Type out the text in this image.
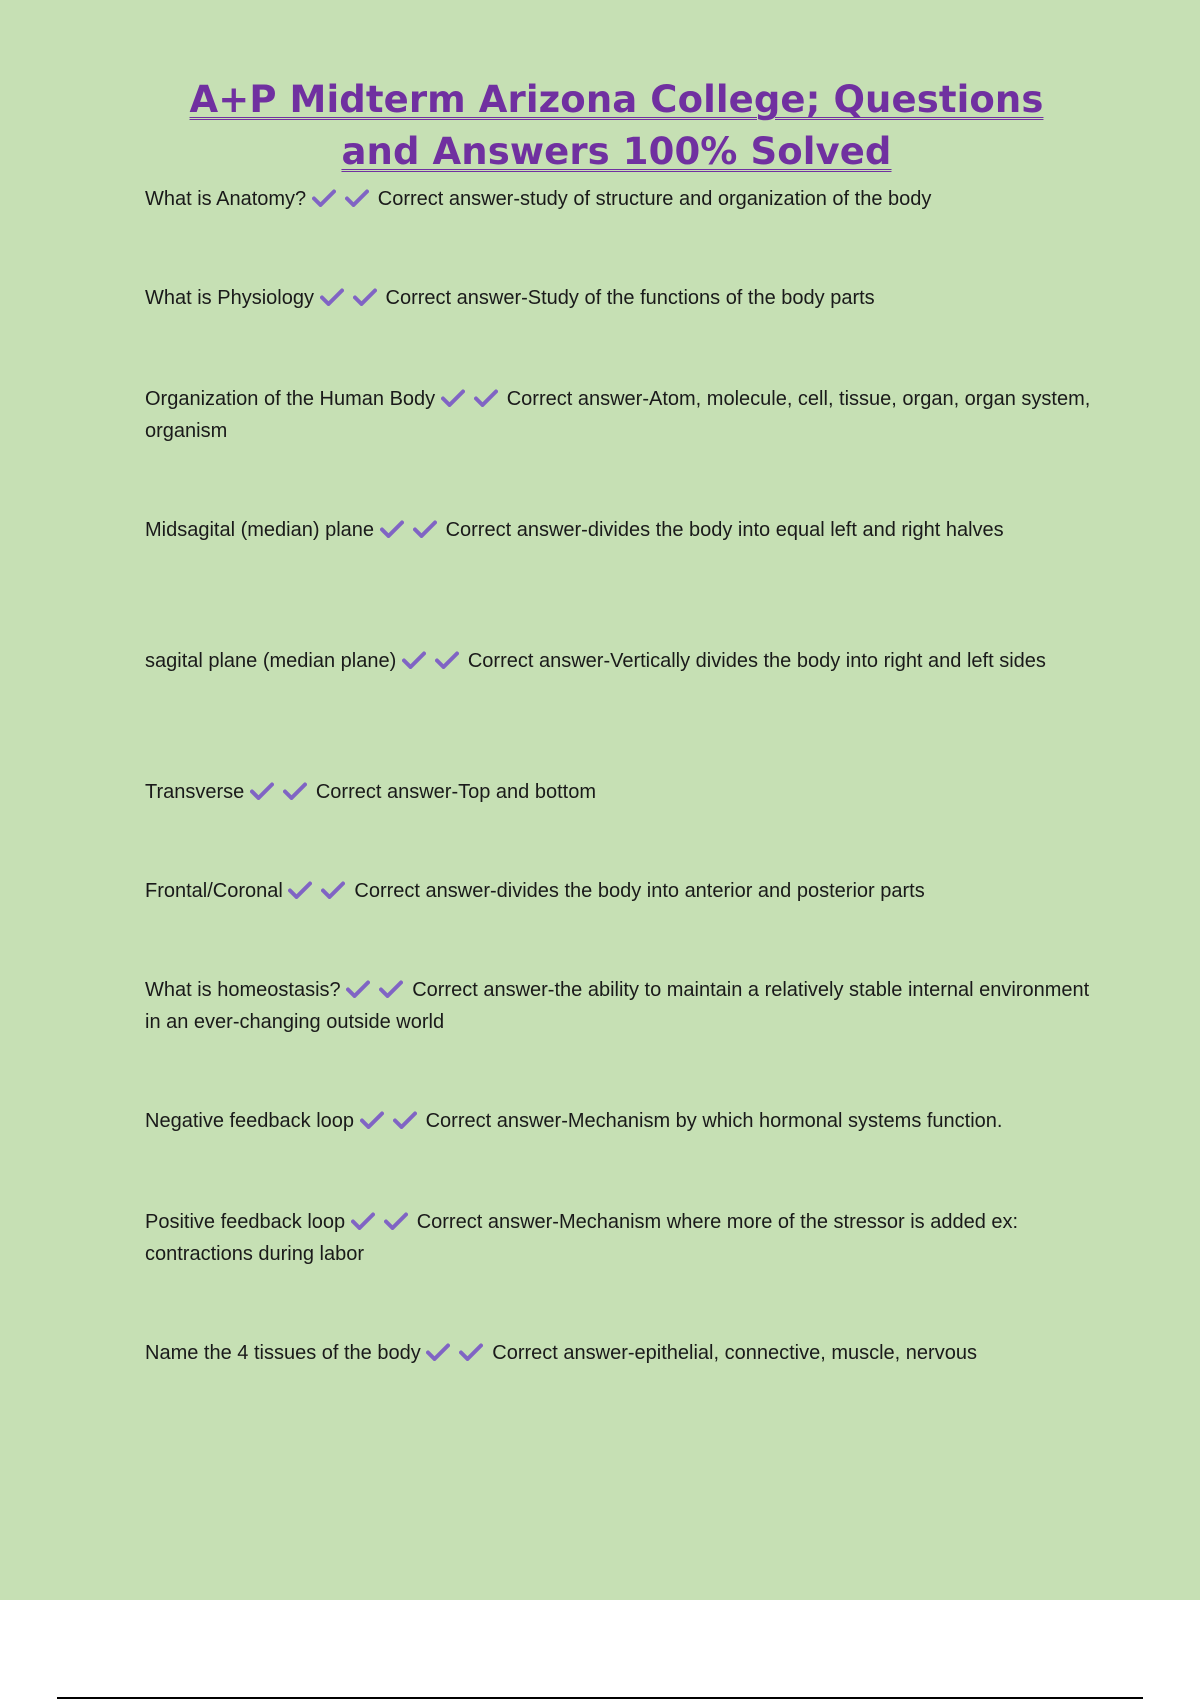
A+P Midterm Arizona College; Questions and Answers 100% Solved

What is Anatomy?	Correct answer-study of structure and organization of the body

What is Physiology	Correct answer-Study of the functions of the body parts

Organization of the Human Body	Correct answer-Atom, molecule, cell, tissue, organ, organ system, organism

Midsagital (median) plane	Correct answer-divides the body into equal left and right halves

sagital plane (median plane)	Correct answer-Vertically divides the body into right and left sides

Transverse	Correct answer-Top and bottom

Frontal/Coronal	Correct answer-divides the body into anterior and posterior parts

What is homeostasis?	Correct answer-the ability to maintain a relatively stable internal environment in an ever-changing outside world

Negative feedback loop	Correct answer-Mechanism by which hormonal systems function.

Positive feedback loop	Correct answer-Mechanism where more of the stressor is added ex: contractions during labor

Name the 4 tissues of the body	Correct answer-epithelial, connective, muscle, nervous
